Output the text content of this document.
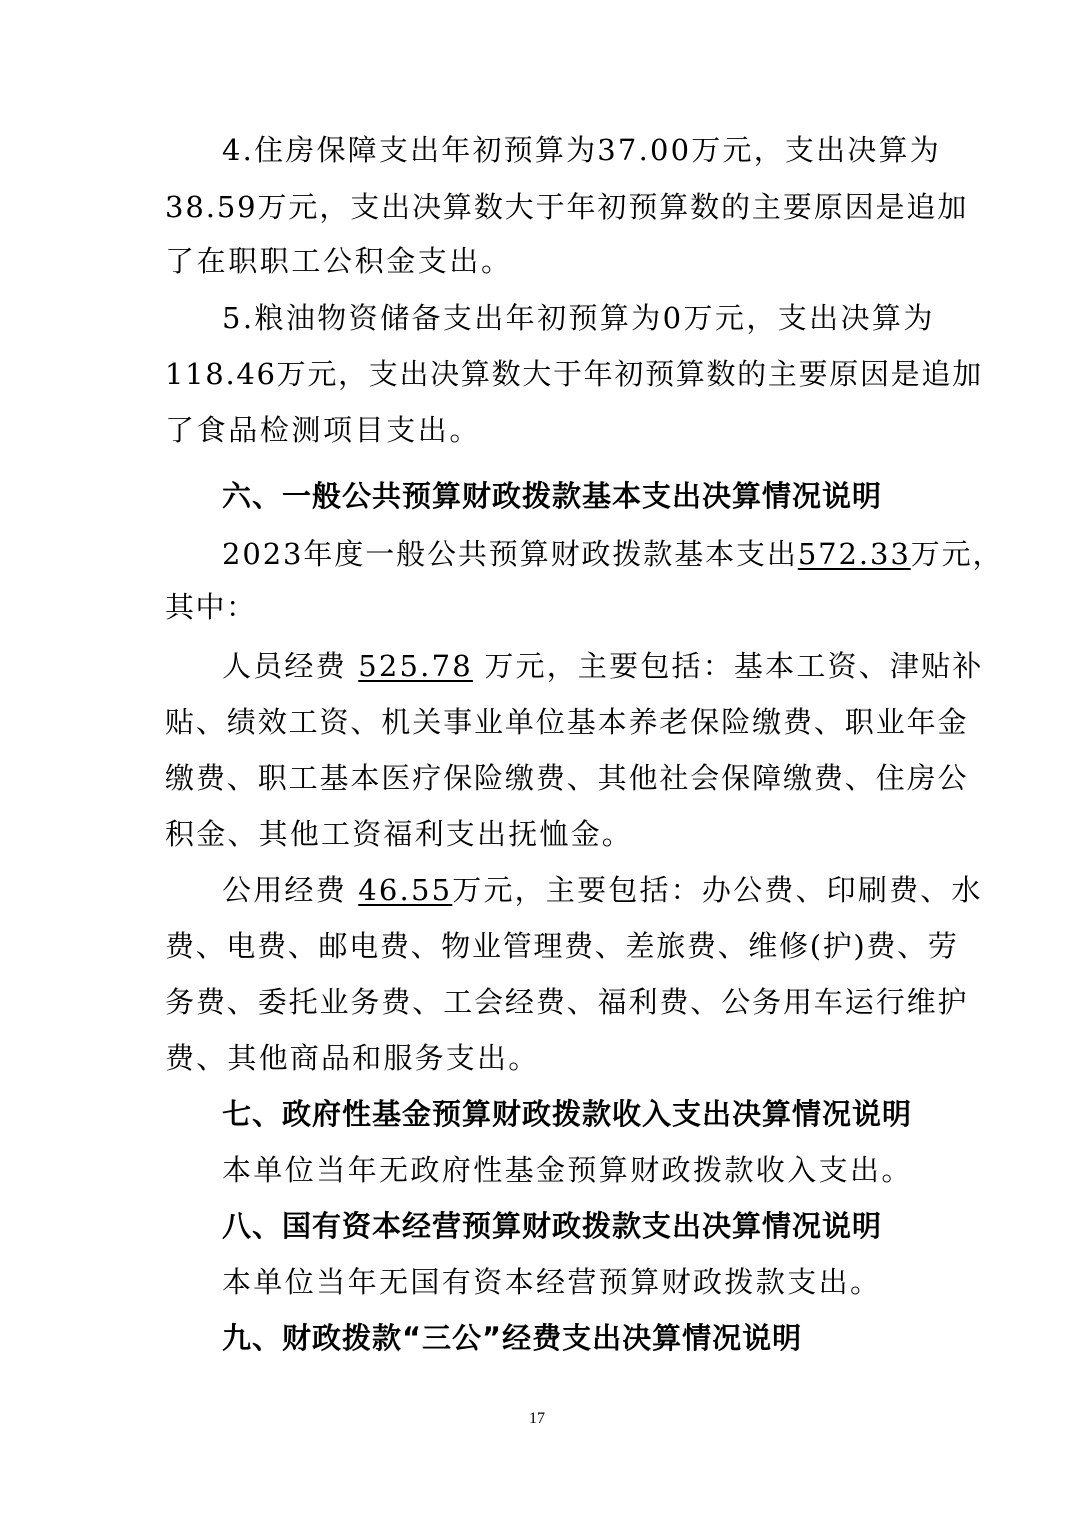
4.住房保障支出年初预算为37.00万元，支出决算为
38.59万元，支出决算数大于年初预算数的主要原因是追加
了在职职工公积金支出。
5.粮油物资储备支出年初预算为0万元，支出决算为
118.46万元，支出决算数大于年初预算数的主要原因是追加
了食品检测项目支出。
六、一般公共预算财政拨款基本支出决算情况说明
2023年度一般公共预算财政拨款基本支出572.33万元，
其中：
人员经费 525.78 万元，主要包括：基本工资、津贴补
贴、绩效工资、机关事业单位基本养老保险缴费、职业年金
缴费、职工基本医疗保险缴费、其他社会保障缴费、住房公
积金、其他工资福利支出抚恤金。
公用经费 46.55万元，主要包括：办公费、印刷费、水
费、电费、邮电费、物业管理费、差旅费、维修(护)费、劳
务费、委托业务费、工会经费、福利费、公务用车运行维护
费、其他商品和服务支出。
七、政府性基金预算财政拨款收入支出决算情况说明
本单位当年无政府性基金预算财政拨款收入支出。
八、国有资本经营预算财政拨款支出决算情况说明
本单位当年无国有资本经营预算财政拨款支出。
九、财政拨款“三公”经费支出决算情况说明
17
